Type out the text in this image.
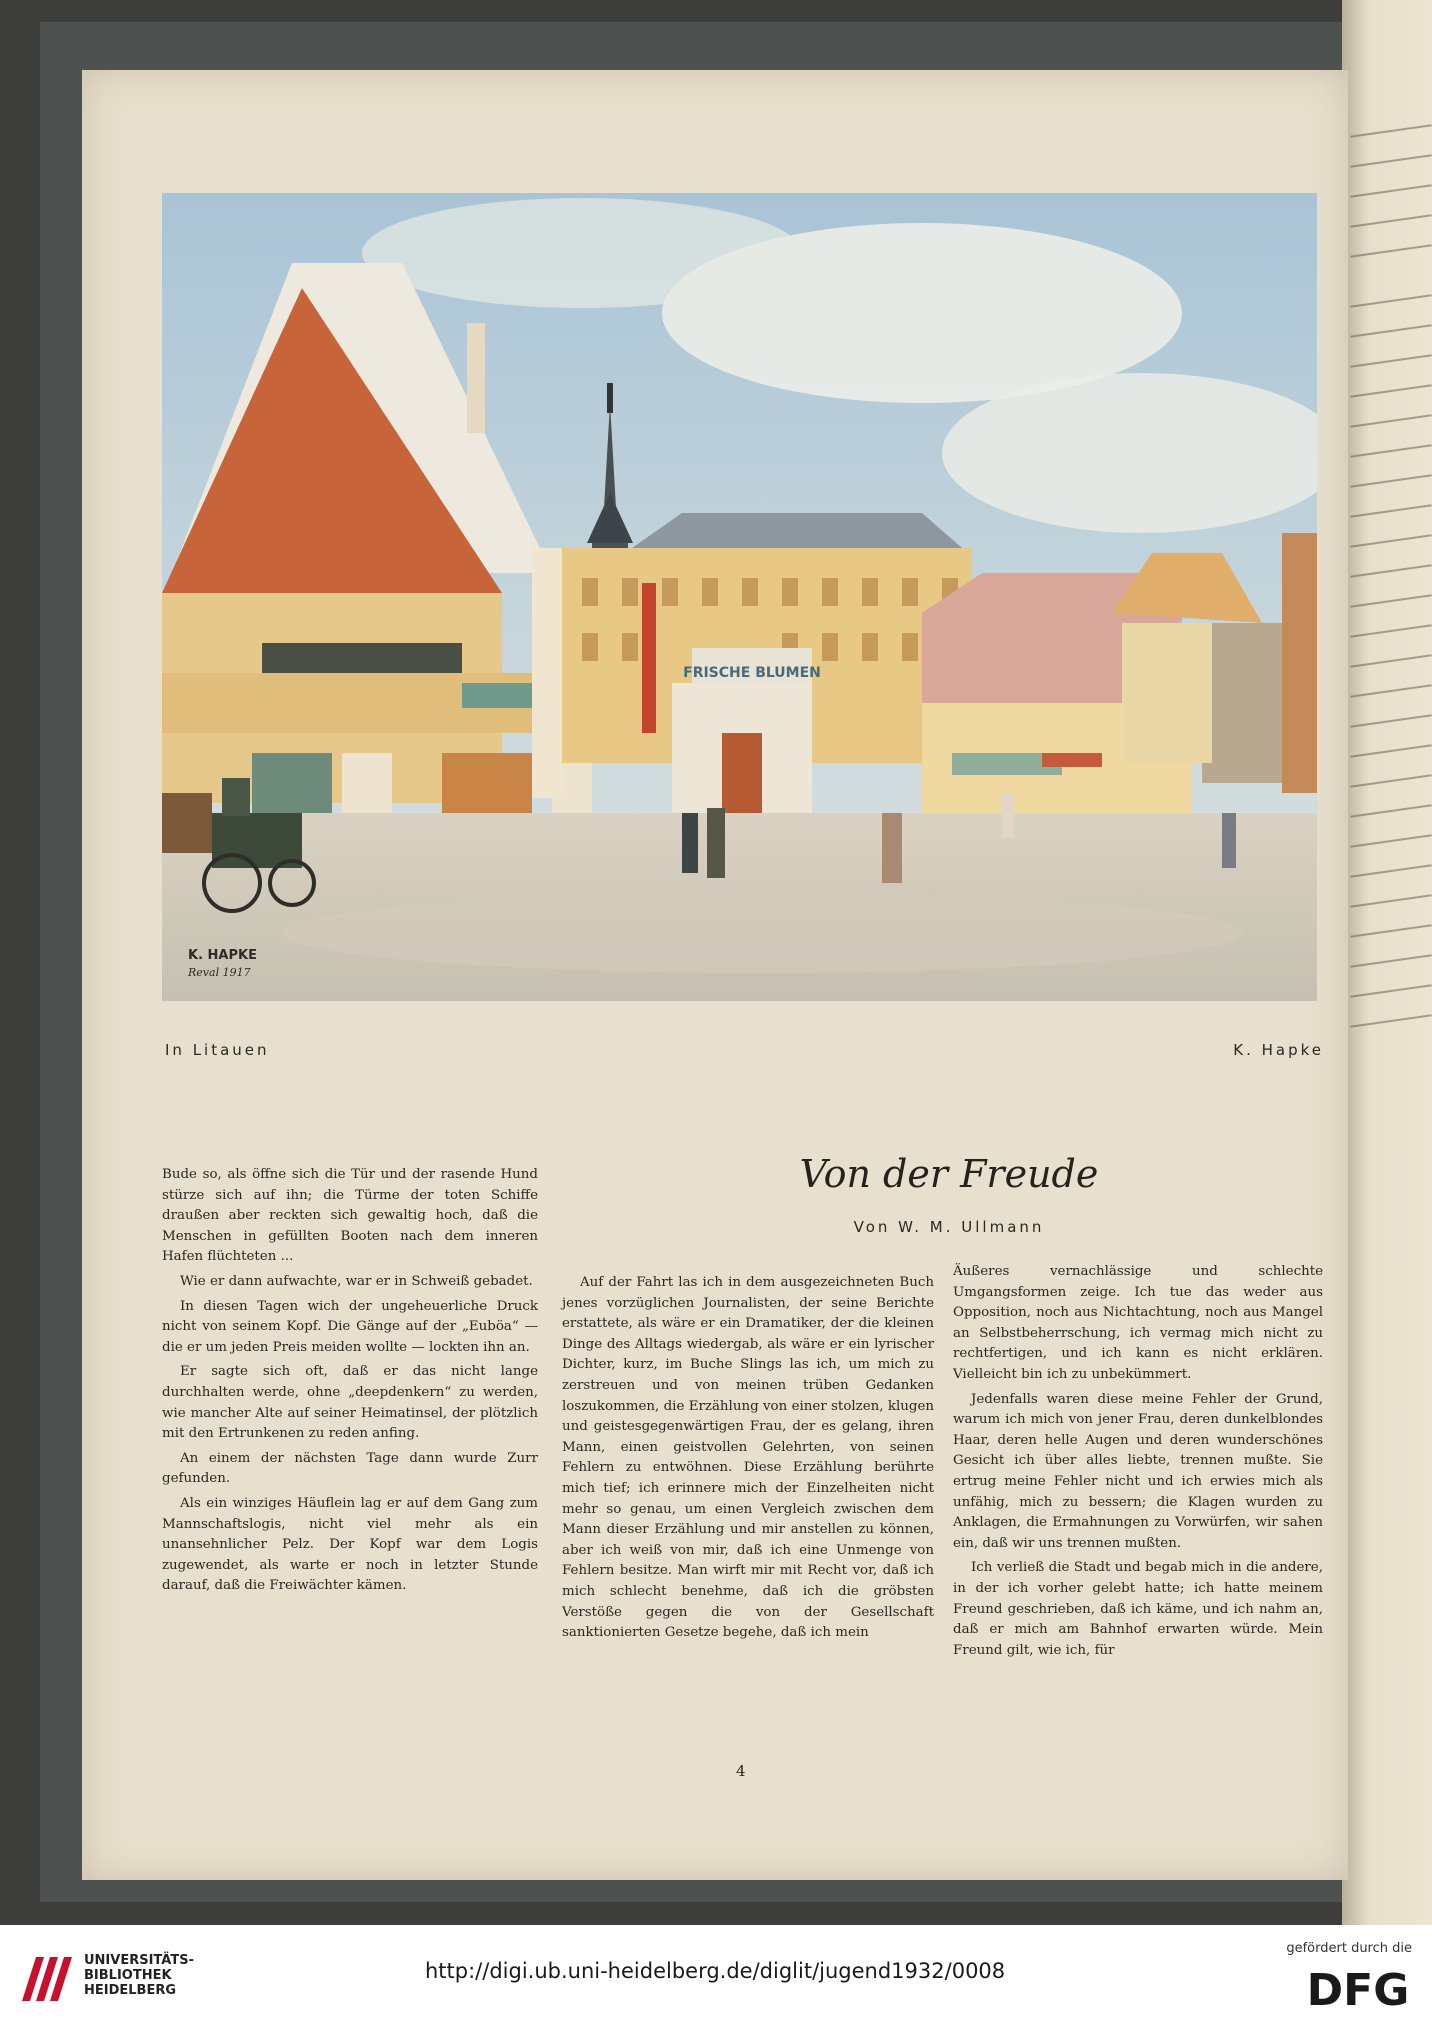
FRISCHE BLUMEN
K. HAPKE
Reval 1917
In Litauen	K. Hapke

Bude so, als öffne sich die Tür und der rasende Hund stürze sich auf ihn; die Türme der toten Schiffe draußen aber reckten sich gewaltig hoch, daß die Menschen in gefüllten Booten nach dem inneren Hafen flüchteten ...

Wie er dann aufwachte, war er in Schweiß gebadet.

In diesen Tagen wich der ungeheuerliche Druck nicht von seinem Kopf. Die Gänge auf der „Euböa“ — die er um jeden Preis meiden wollte — lockten ihn an.

Er sagte sich oft, daß er das nicht lange durchhalten werde, ohne „deepdenkern“ zu werden, wie mancher Alte auf seiner Heimatinsel, der plötzlich mit den Ertrunkenen zu reden anfing.

An einem der nächsten Tage dann wurde Zurr gefunden.

Als ein winziges Häuflein lag er auf dem Gang zum Mannschaftslogis, nicht viel mehr als ein unansehnlicher Pelz. Der Kopf war dem Logis zugewendet, als warte er noch in letzter Stunde darauf, daß die Freiwächter kämen.

Von der Freude
Von W. M. Ullmann

Auf der Fahrt las ich in dem ausgezeichneten Buch jenes vorzüglichen Journalisten, der seine Berichte erstattete, als wäre er ein Dramatiker, der die kleinen Dinge des Alltags wiedergab, als wäre er ein lyrischer Dichter, kurz, im Buche Slings las ich, um mich zu zerstreuen und von meinen trüben Gedanken loszukommen, die Erzählung von einer stolzen, klugen und geistesgegenwärtigen Frau, der es gelang, ihren Mann, einen geistvollen Gelehrten, von seinen Fehlern zu entwöhnen. Diese Erzählung berührte mich tief; ich erinnere mich der Einzelheiten nicht mehr so genau, um einen Vergleich zwischen dem Mann dieser Erzählung und mir anstellen zu können, aber ich weiß von mir, daß ich eine Unmenge von Fehlern besitze. Man wirft mir mit Recht vor, daß ich mich schlecht benehme, daß ich die gröbsten Verstöße gegen die von der Gesellschaft sanktionierten Gesetze begehe, daß ich mein

Äußeres vernachlässige und schlechte Umgangsformen zeige. Ich tue das weder aus Opposition, noch aus Nichtachtung, noch aus Mangel an Selbstbeherrschung, ich vermag mich nicht zu rechtfertigen, und ich kann es nicht erklären. Vielleicht bin ich zu unbekümmert.

Jedenfalls waren diese meine Fehler der Grund, warum ich mich von jener Frau, deren dunkelblondes Haar, deren helle Augen und deren wunderschönes Gesicht ich über alles liebte, trennen mußte. Sie ertrug meine Fehler nicht und ich erwies mich als unfähig, mich zu bessern; die Klagen wurden zu Anklagen, die Ermahnungen zu Vorwürfen, wir sahen ein, daß wir uns trennen mußten.

Ich verließ die Stadt und begab mich in die andere, in der ich vorher gelebt hatte; ich hatte meinem Freund geschrieben, daß ich käme, und ich nahm an, daß er mich am Bahnhof erwarten würde. Mein Freund gilt, wie ich, für

4
UNIVERSITÄTS-
BIBLIOTHEK
HEIDELBERG
http://digi.ub.uni-heidelberg.de/diglit/jugend1932/0008
gefördert durch die
DFG
